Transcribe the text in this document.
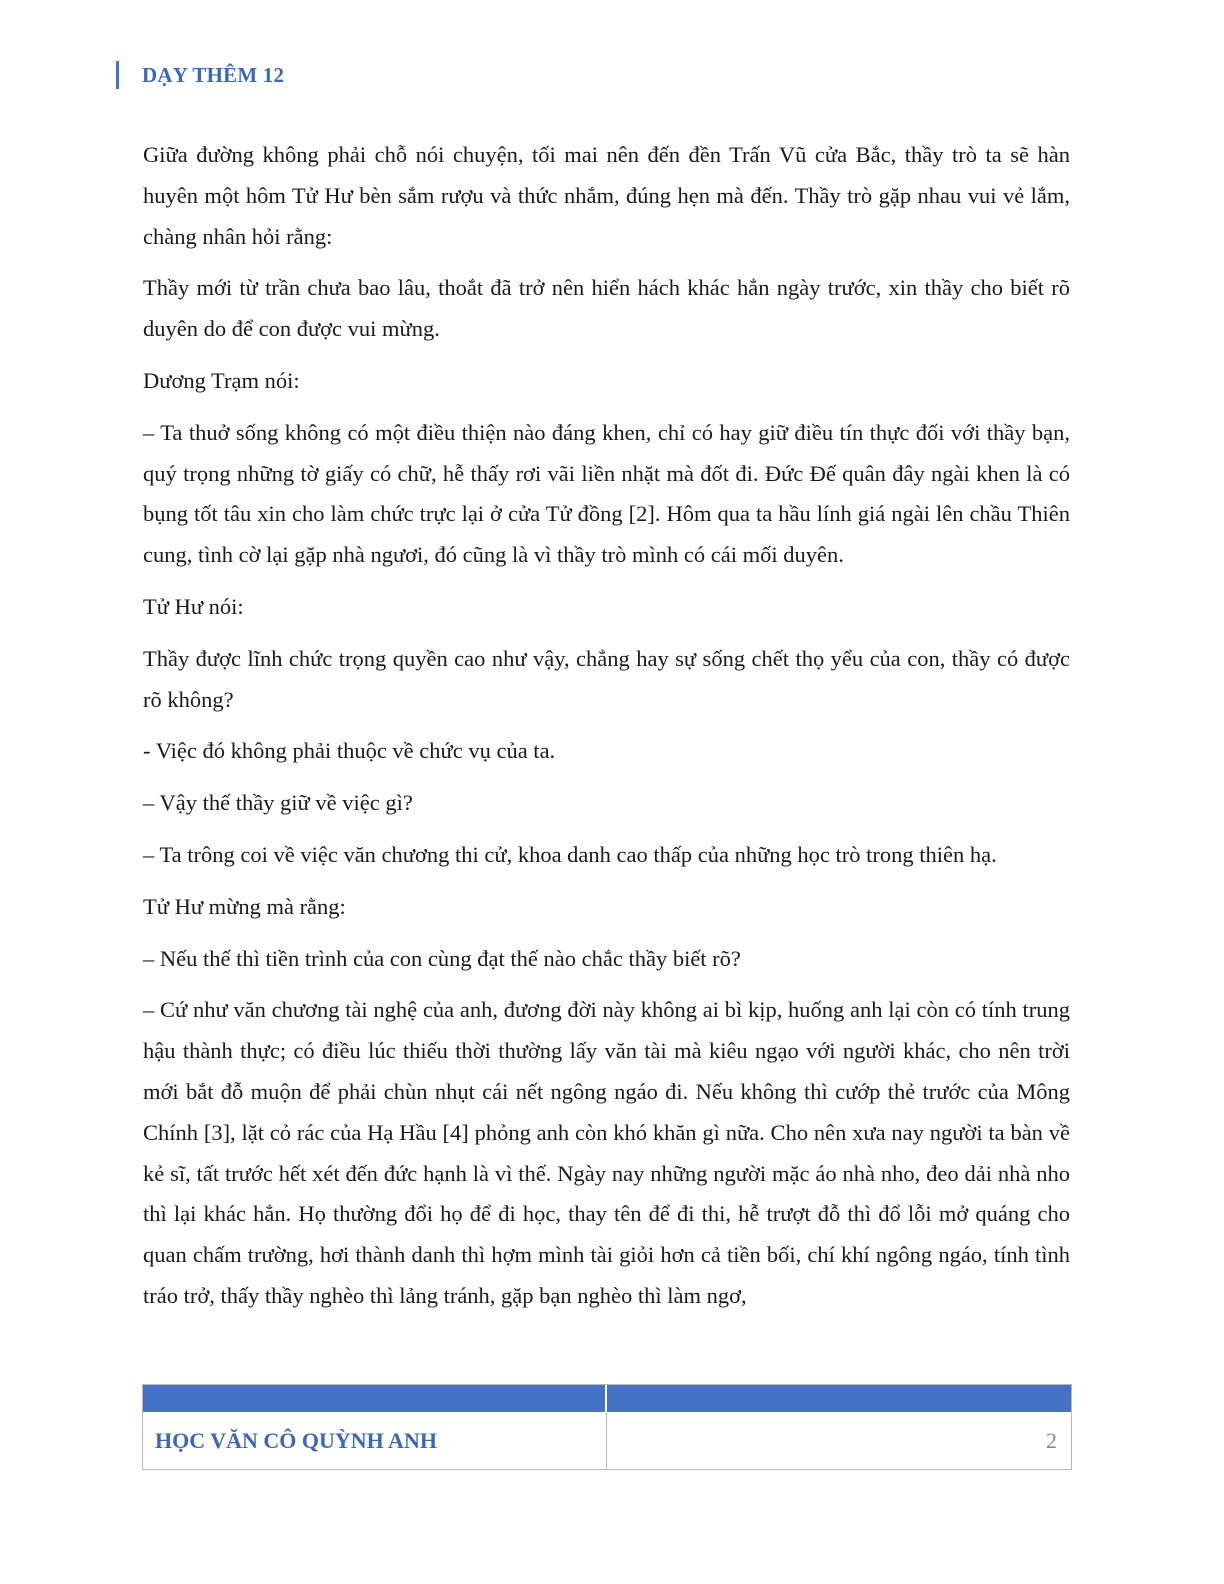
DẠY THÊM 12

Giữa đường không phải chỗ nói chuyện, tối mai nên đến đền Trấn Vũ cửa Bắc, thầy trò ta sẽ hàn huyên một hôm Tử Hư bèn sắm rượu và thức nhắm, đúng hẹn mà đến. Thầy trò gặp nhau vui vẻ lắm, chàng nhân hỏi rằng:

Thầy mới từ trần chưa bao lâu, thoắt đã trở nên hiển hách khác hẳn ngày trước, xin thầy cho biết rõ duyên do để con được vui mừng.

Dương Trạm nói:

– Ta thuở sống không có một điều thiện nào đáng khen, chỉ có hay giữ điều tín thực đối với thầy bạn, quý trọng những tờ giấy có chữ, hễ thấy rơi vãi liền nhặt mà đốt đi. Đức Đế quân đây ngài khen là có bụng tốt tâu xin cho làm chức trực lại ở cửa Tử đồng [2]. Hôm qua ta hầu lính giá ngài lên chầu Thiên cung, tình cờ lại gặp nhà ngươi, đó cũng là vì thầy trò mình có cái mối duyên.

Tử Hư nói:

Thầy được lĩnh chức trọng quyền cao như vậy, chẳng hay sự sống chết thọ yểu của con, thầy có được rõ không?

- Việc đó không phải thuộc về chức vụ của ta.

– Vậy thế thầy giữ về việc gì?

– Ta trông coi về việc văn chương thi cử, khoa danh cao thấp của những học trò trong thiên hạ.

Tử Hư mừng mà rằng:

– Nếu thế thì tiền trình của con cùng đạt thế nào chắc thầy biết rõ?

– Cứ như văn chương tài nghệ của anh, đương đời này không ai bì kịp, huống anh lại còn có tính trung hậu thành thực; có điều lúc thiếu thời thường lấy văn tài mà kiêu ngạo với người khác, cho nên trời mới bắt đỗ muộn để phải chùn nhụt cái nết ngông ngáo đi. Nếu không thì cướp thẻ trước của Mông Chính [3], lặt cỏ rác của Hạ Hầu [4] phỏng anh còn khó khăn gì nữa. Cho nên xưa nay người ta bàn về kẻ sĩ, tất trước hết xét đến đức hạnh là vì thế. Ngày nay những người mặc áo nhà nho, đeo dải nhà nho thì lại khác hẳn. Họ thường đổi họ để đi học, thay tên để đi thi, hễ trượt đỗ thì đổ lỗi mở quáng cho quan chấm trường, hơi thành danh thì hợm mình tài giỏi hơn cả tiền bối, chí khí ngông ngáo, tính tình tráo trở, thấy thầy nghèo thì lảng tránh, gặp bạn nghèo thì làm ngơ,

HỌC VĂN CÔ QUỲNH ANH	2
